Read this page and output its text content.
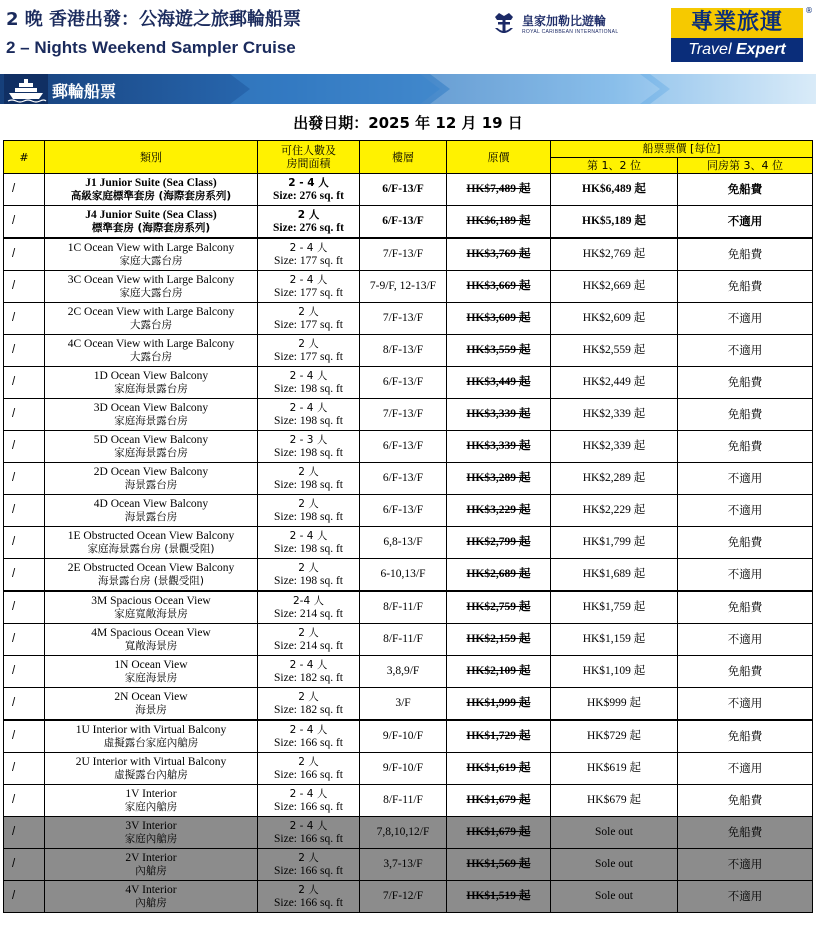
2 晚 香港出發：公海遊之旅郵輪船票
2 – Nights Weekend Sampler Cruise
皇家加勒比遊輪
ROYAL CARIBBEAN INTERNATIONAL	專業旅運
Travel Expert
®
郵輪船票
出發日期：2025 年 12 月 19 日
#	類別	可住人數及
房間面積	樓層	原價	船票票價 [每位]	
					第 1、2 位	同房第 3、4 位
/	J1 Junior Suite (Sea Class)
高級家庭標準套房 (海際套房系列)	2 - 4 人
Size: 276 sq. ft	6/F-13/F	HK$7,489 起	HK$6,489 起	免船費
/	J4 Junior Suite (Sea Class)
標準套房 (海際套房系列)	2 人
Size: 276 sq. ft	6/F-13/F	HK$6,189 起	HK$5,189 起	不適用
/	1C Ocean View with Large Balcony
家庭大露台房	2 - 4 人
Size: 177 sq. ft	7/F-13/F	HK$3,769 起	HK$2,769 起	免船費
/	3C Ocean View with Large Balcony
家庭大露台房	2 - 4 人
Size: 177 sq. ft	7-9/F, 12-13/F	HK$3,669 起	HK$2,669 起	免船費
/	2C Ocean View with Large Balcony
大露台房	2 人
Size: 177 sq. ft	7/F-13/F	HK$3,609 起	HK$2,609 起	不適用
/	4C Ocean View with Large Balcony
大露台房	2 人
Size: 177 sq. ft	8/F-13/F	HK$3,559 起	HK$2,559 起	不適用
/	1D Ocean View Balcony
家庭海景露台房	2 - 4 人
Size: 198 sq. ft	6/F-13/F	HK$3,449 起	HK$2,449 起	免船費
/	3D Ocean View Balcony
家庭海景露台房	2 - 4 人
Size: 198 sq. ft	7/F-13/F	HK$3,339 起	HK$2,339 起	免船費
/	5D Ocean View Balcony
家庭海景露台房	2 - 3 人
Size: 198 sq. ft	6/F-13/F	HK$3,339 起	HK$2,339 起	免船費
/	2D Ocean View Balcony
海景露台房	2 人
Size: 198 sq. ft	6/F-13/F	HK$3,289 起	HK$2,289 起	不適用
/	4D Ocean View Balcony
海景露台房	2 人
Size: 198 sq. ft	6/F-13/F	HK$3,229 起	HK$2,229 起	不適用
/	1E Obstructed Ocean View Balcony
家庭海景露台房 (景觀受阻)	2 - 4 人
Size: 198 sq. ft	6,8-13/F	HK$2,799 起	HK$1,799 起	免船費
/	2E Obstructed Ocean View Balcony
海景露台房 (景觀受阻)	2 人
Size: 198 sq. ft	6-10,13/F	HK$2,689 起	HK$1,689 起	不適用
/	3M Spacious Ocean View
家庭寬敞海景房	2-4 人
Size: 214 sq. ft	8/F-11/F	HK$2,759 起	HK$1,759 起	免船費
/	4M Spacious Ocean View
寬敞海景房	2 人
Size: 214 sq. ft	8/F-11/F	HK$2,159 起	HK$1,159 起	不適用
/	1N Ocean View
家庭海景房	2 - 4 人
Size: 182 sq. ft	3,8,9/F	HK$2,109 起	HK$1,109 起	免船費
/	2N Ocean View
海景房	2 人
Size: 182 sq. ft	3/F	HK$1,999 起	HK$999 起	不適用
/	1U Interior with Virtual Balcony
虛擬露台家庭內艙房	2 - 4 人
Size: 166 sq. ft	9/F-10/F	HK$1,729 起	HK$729 起	免船費
/	2U Interior with Virtual Balcony
虛擬露台內艙房	2 人
Size: 166 sq. ft	9/F-10/F	HK$1,619 起	HK$619 起	不適用
/	1V Interior
家庭內艙房	2 - 4 人
Size: 166 sq. ft	8/F-11/F	HK$1,679 起	HK$679 起	免船費
/	3V Interior
家庭內艙房	2 - 4 人
Size: 166 sq. ft	7,8,10,12/F	HK$1,679 起	Sole out	免船費
/	2V Interior
內艙房	2 人
Size: 166 sq. ft	3,7-13/F	HK$1,569 起	Sole out	不適用
/	4V Interior
內艙房	2 人
Size: 166 sq. ft	7/F-12/F	HK$1,519 起	Sole out	不適用
